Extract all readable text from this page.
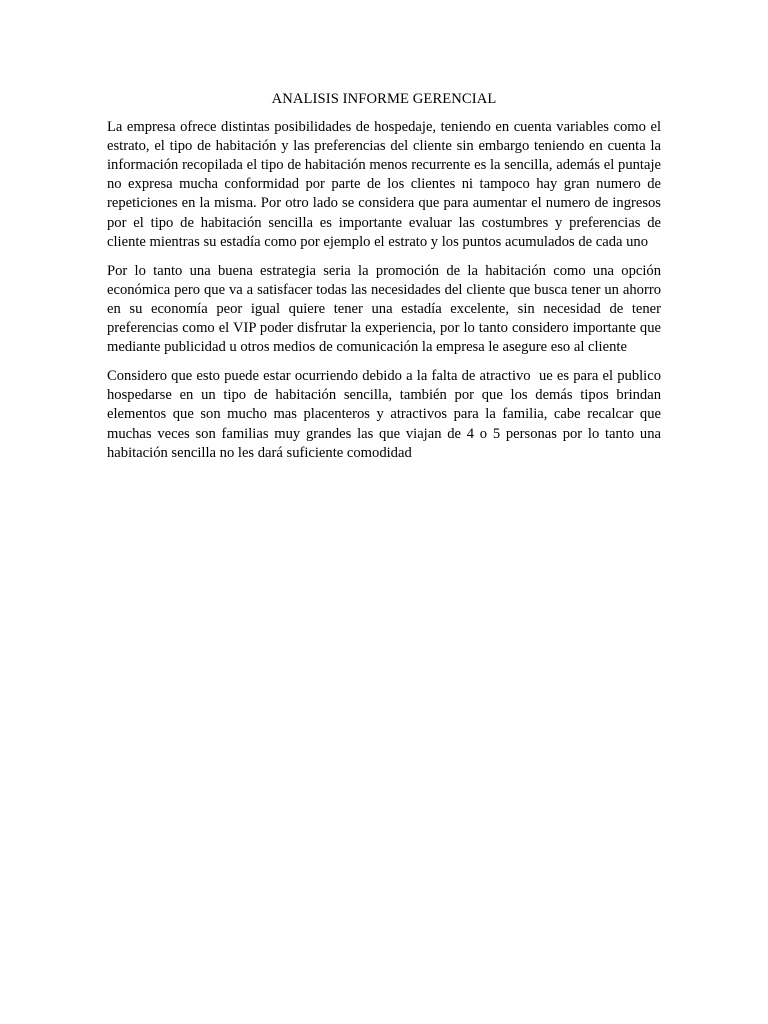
ANALISIS INFORME GERENCIAL

La empresa ofrece distintas posibilidades de hospedaje, teniendo en cuenta variables como el estrato, el tipo de habitación y las preferencias del cliente sin embargo teniendo en cuenta la información recopilada el tipo de habitación menos recurrente es la sencilla, además el puntaje no expresa mucha conformidad por parte de los clientes ni tampoco hay gran numero de repeticiones en la misma. Por otro lado se considera que para aumentar el numero de ingresos por el tipo de habitación sencilla es importante evaluar las costumbres y preferencias de cliente mientras su estadía como por ejemplo el estrato y los puntos acumulados de cada uno

Por lo tanto una buena estrategia seria la promoción de la habitación como una opción económica pero que va a satisfacer todas las necesidades del cliente que busca tener un ahorro en su economía peor igual quiere tener una estadía excelente, sin necesidad de tener preferencias como el VIP poder disfrutar la experiencia, por lo tanto considero importante que mediante publicidad u otros medios de comunicación la empresa le asegure eso al cliente

Considero que esto puede estar ocurriendo debido a la falta de atractivo  ue es para el publico hospedarse en un tipo de habitación sencilla, también por que los demás tipos brindan elementos que son mucho mas placenteros y atractivos para la familia, cabe recalcar que muchas veces son familias muy grandes las que viajan de 4 o 5 personas por lo tanto una habitación sencilla no les dará suficiente comodidad
